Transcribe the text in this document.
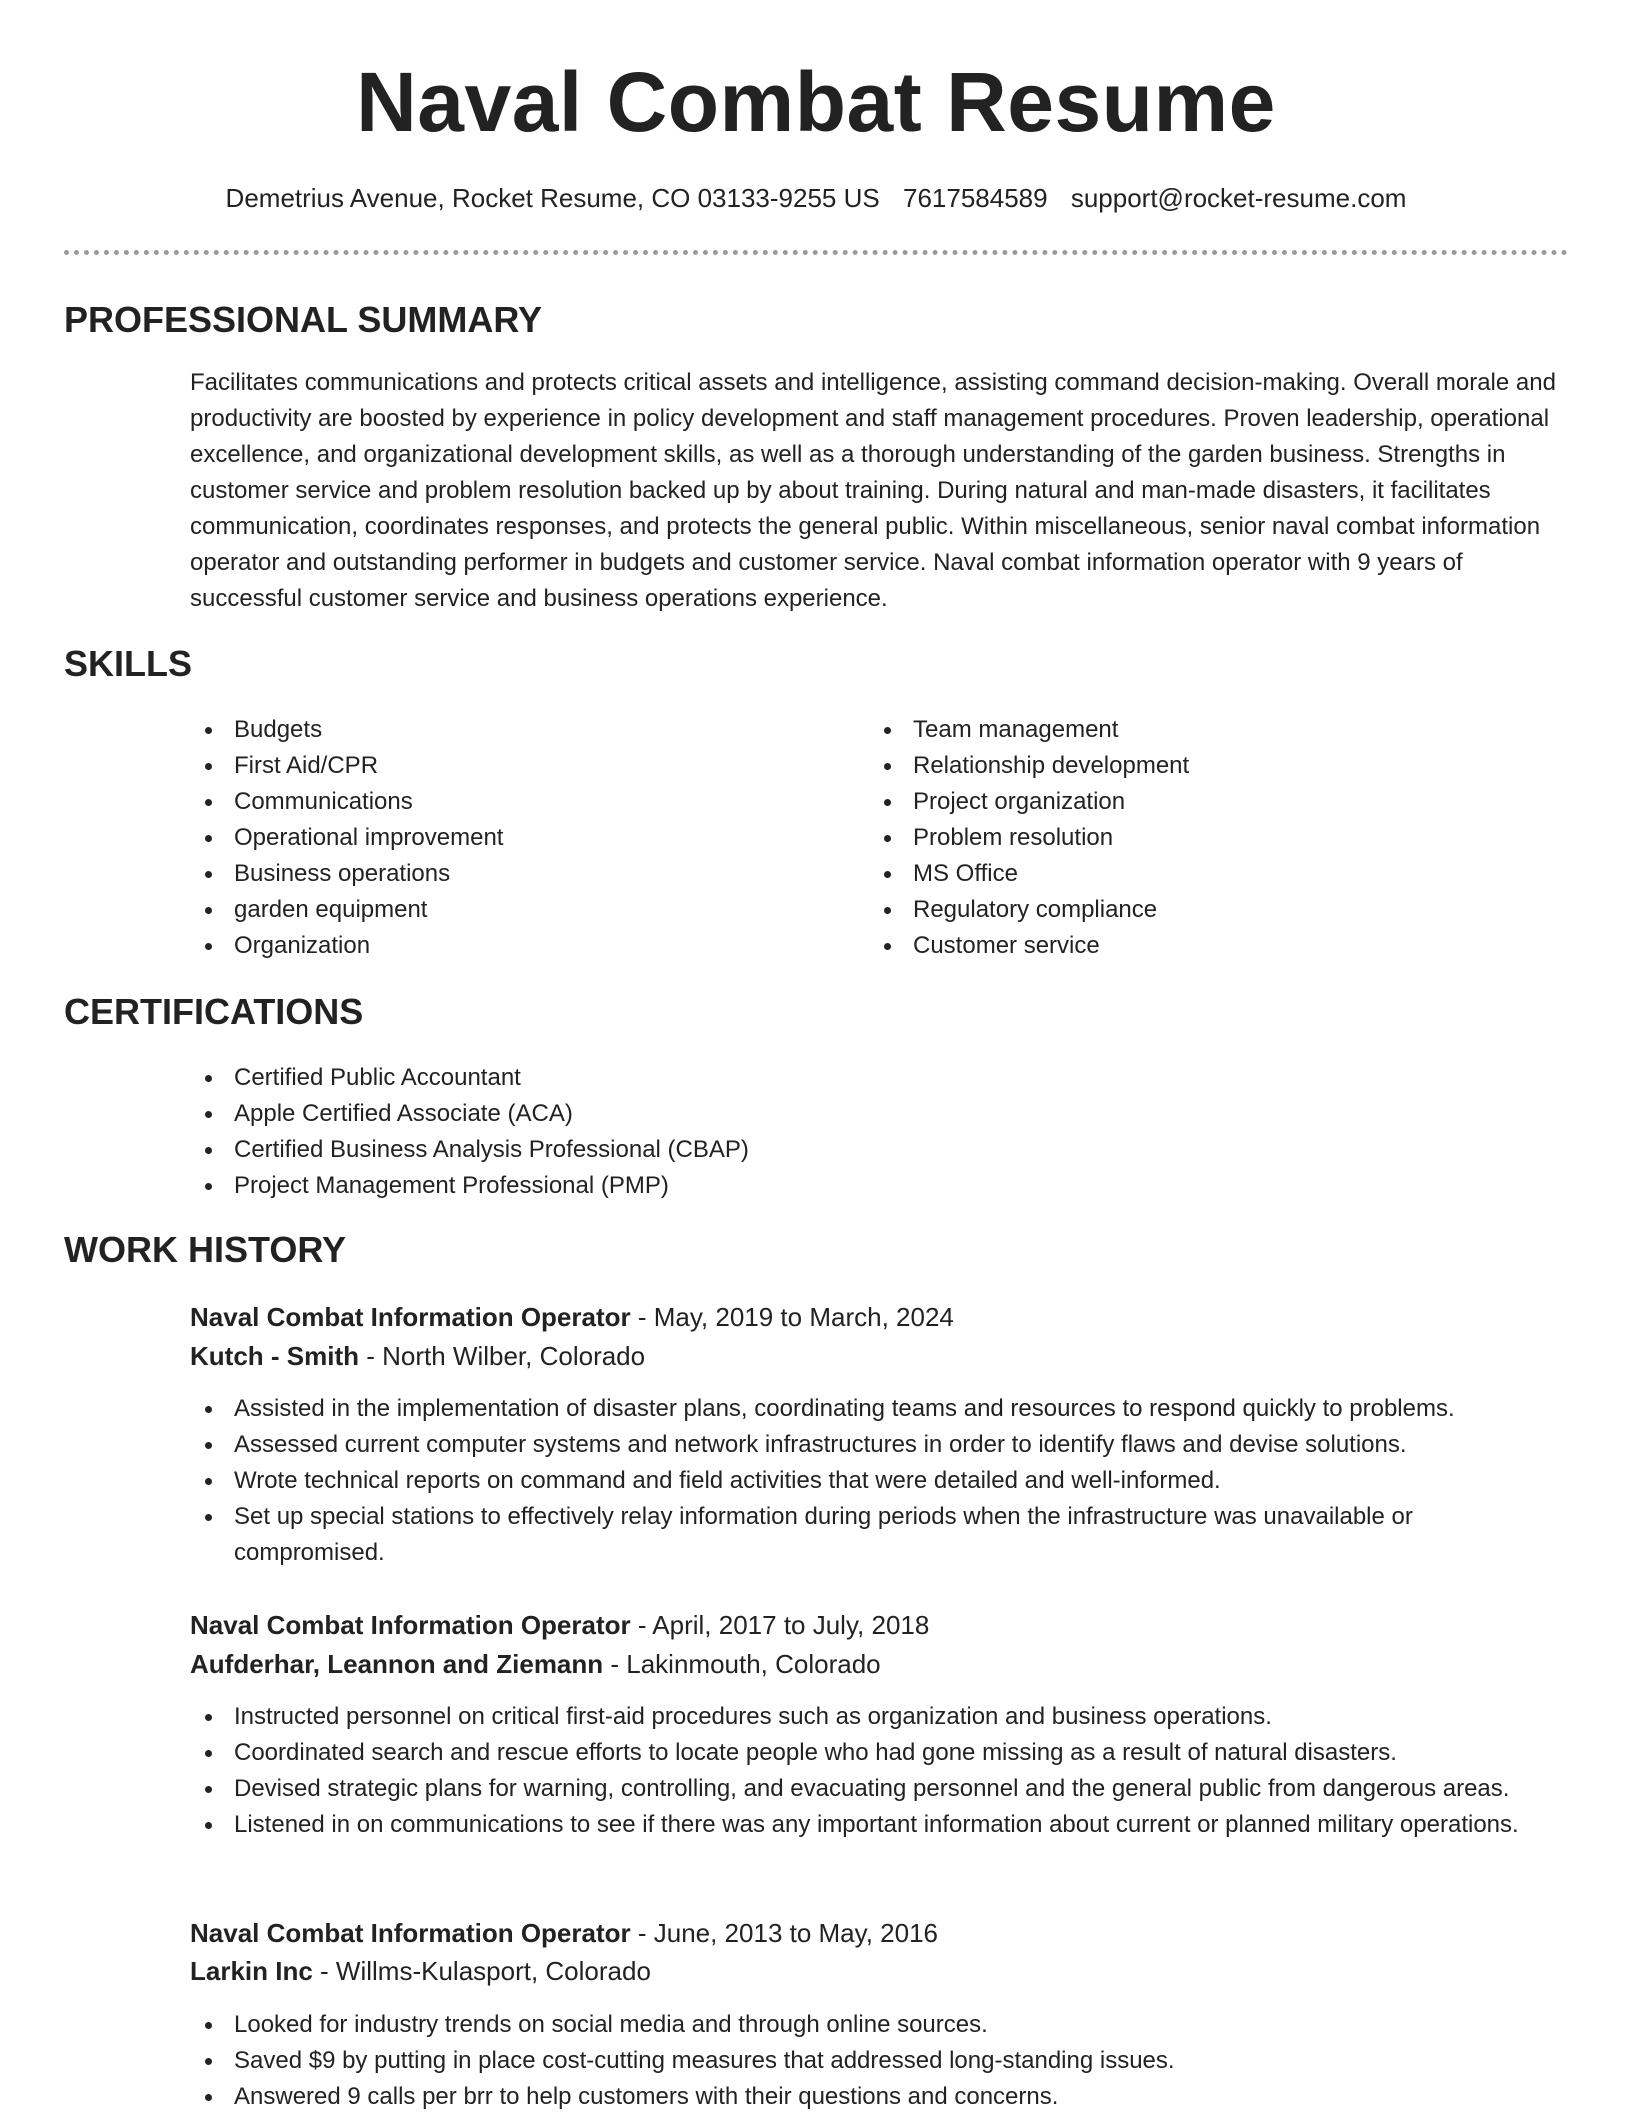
Naval Combat Resume
Demetrius Avenue, Rocket Resume, CO 03133-9255 US 7617584589 support@rocket-resume.com
PROFESSIONAL SUMMARY

Facilitates communications and protects critical assets and intelligence, assisting command decision-making. Overall morale and productivity are boosted by experience in policy development and staff management procedures. Proven leadership, operational excellence, and organizational development skills, as well as a thorough understanding of the garden business. Strengths in customer service and problem resolution backed up by about training. During natural and man-made disasters, it facilitates communication, coordinates responses, and protects the general public. Within miscellaneous, senior naval combat information operator and outstanding performer in budgets and customer service. Naval combat information operator with 9 years of successful customer service and business operations experience.

SKILLS
Budgets
First Aid/CPR
Communications
Operational improvement
Business operations
garden equipment
Organization
Team management
Relationship development
Project organization
Problem resolution
MS Office
Regulatory compliance
Customer service
CERTIFICATIONS
Certified Public Accountant
Apple Certified Associate (ACA)
Certified Business Analysis Professional (CBAP)
Project Management Professional (PMP)
WORK HISTORY
Naval Combat Information Operator - May, 2019 to March, 2024
Kutch - Smith - North Wilber, Colorado
Assisted in the implementation of disaster plans, coordinating teams and resources to respond quickly to problems.
Assessed current computer systems and network infrastructures in order to identify flaws and devise solutions.
Wrote technical reports on command and field activities that were detailed and well-informed.
Set up special stations to effectively relay information during periods when the infrastructure was unavailable or compromised.
Naval Combat Information Operator - April, 2017 to July, 2018
Aufderhar, Leannon and Ziemann - Lakinmouth, Colorado
Instructed personnel on critical first-aid procedures such as organization and business operations.
Coordinated search and rescue efforts to locate people who had gone missing as a result of natural disasters.
Devised strategic plans for warning, controlling, and evacuating personnel and the general public from dangerous areas.
Listened in on communications to see if there was any important information about current or planned military operations.
Naval Combat Information Operator - June, 2013 to May, 2016
Larkin Inc - Willms-Kulasport, Colorado
Looked for industry trends on social media and through online sources.
Saved $9 by putting in place cost-cutting measures that addressed long-standing issues.
Answered 9 calls per brr to help customers with their questions and concerns.
